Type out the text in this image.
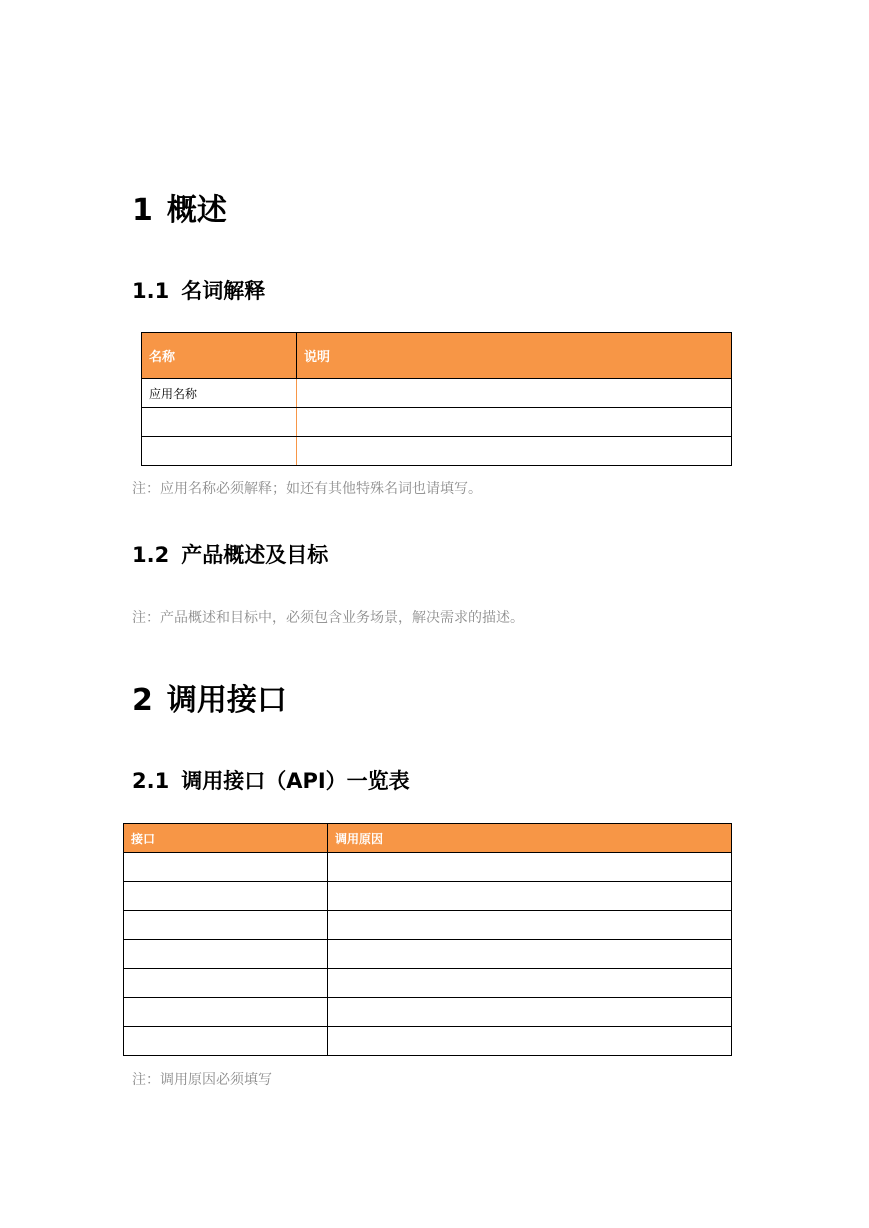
1 概述
1.1 名词解释
名称	说明
应用名称	

注：应用名称必须解释；如还有其他特殊名词也请填写。
1.2 产品概述及目标
注：产品概述和目标中，必须包含业务场景，解决需求的描述。
2 调用接口
2.1 调用接口（API）一览表
接口	调用原因

注：调用原因必须填写
